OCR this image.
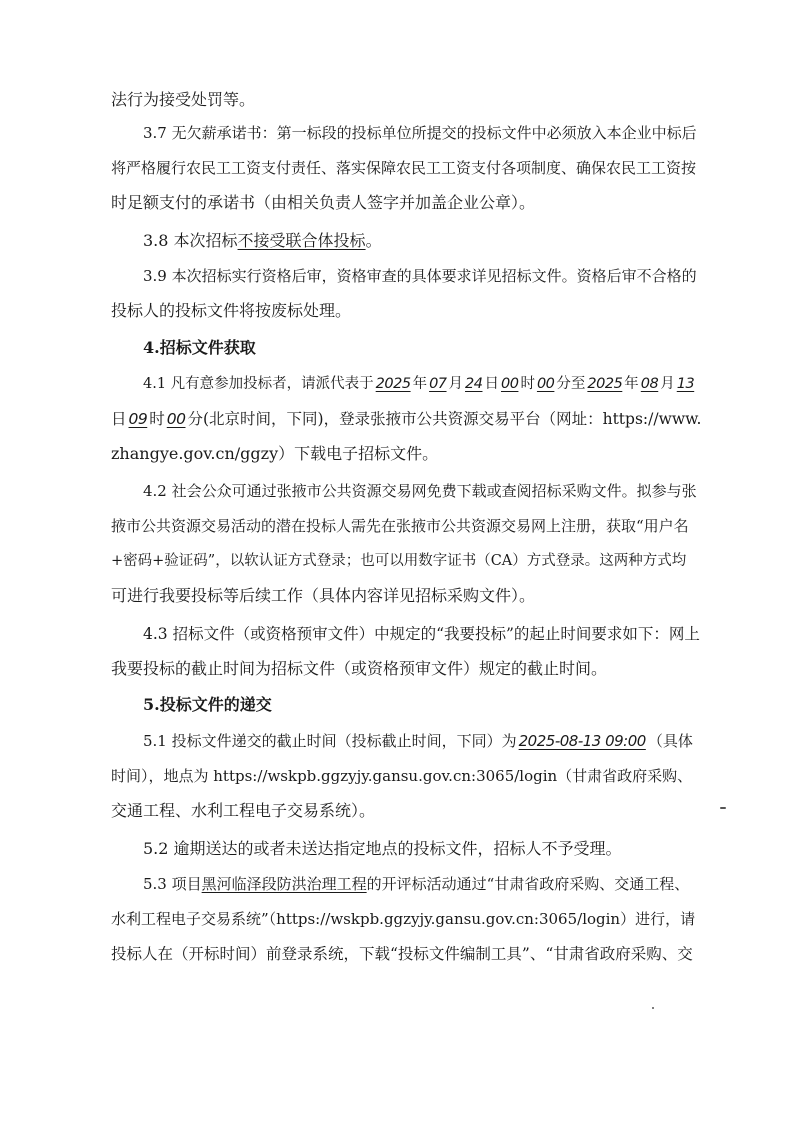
法行为接受处罚等。
3.7 无欠薪承诺书：第一标段的投标单位所提交的投标文件中必须放入本企业中标后
将严格履行农民工工资支付责任、落实保障农民工工资支付各项制度、确保农民工工资按
时足额支付的承诺书（由相关负责人签字并加盖企业公章）。
3.8 本次招标不接受联合体投标。
3.9 本次招标实行资格后审，资格审查的具体要求详见招标文件。资格后审不合格的
投标人的投标文件将按废标处理。
4.招标文件获取
4.1 凡有意参加投标者，请派代表于 2025 年 07 月 24 日 00 时 00 分至 2025 年 08 月 13
日 09 时 00 分(北京时间，下同)，登录张掖市公共资源交易平台（网址：https://www.
zhangye.gov.cn/ggzy）下载电子招标文件。
4.2 社会公众可通过张掖市公共资源交易网免费下载或查阅招标采购文件。拟参与张
掖市公共资源交易活动的潜在投标人需先在张掖市公共资源交易网上注册，获取“用户名
+密码+验证码”，以软认证方式登录；也可以用数字证书（CA）方式登录。这两种方式均
可进行我要投标等后续工作（具体内容详见招标采购文件）。
4.3 招标文件（或资格预审文件）中规定的“我要投标”的起止时间要求如下：网上
我要投标的截止时间为招标文件（或资格预审文件）规定的截止时间。
5.投标文件的递交
5.1 投标文件递交的截止时间（投标截止时间，下同）为 2025-08-13 09:00 （具体
时间），地点为 https://wskpb.ggzyjy.gansu.gov.cn:3065/login（甘肃省政府采购、
交通工程、水利工程电子交易系统）。
5.2 逾期送达的或者未送达指定地点的投标文件，招标人不予受理。
5.3 项目黑河临泽段防洪治理工程的开评标活动通过“甘肃省政府采购、交通工程、
水利工程电子交易系统”（https://wskpb.ggzyjy.gansu.gov.cn:3065/login）进行，请
投标人在（开标时间）前登录系统，下载“投标文件编制工具”、“甘肃省政府采购、交
